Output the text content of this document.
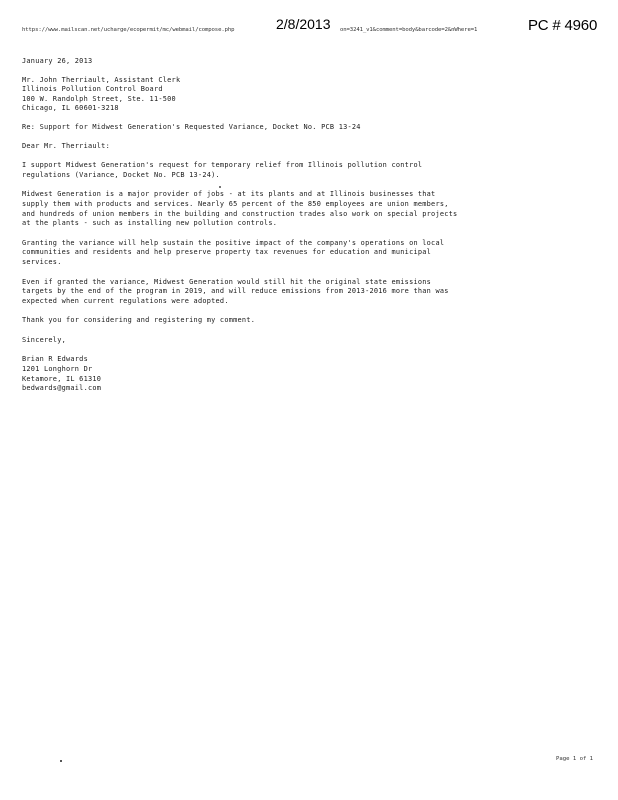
https://www.mailscan.net/ucharge/ecopermit/mc/webmail/compose.php	2/8/2013 on=3241_v1&comment=body&barcode=2&nWhere=1	PC # 4960

January 26, 2013

Mr. John Therriault, Assistant Clerk

Illinois Pollution Control Board

100 W. Randolph Street, Ste. 11-500

Chicago, IL 60601-3218

Re: Support for Midwest Generation's Requested Variance, Docket No. PCB 13-24

Dear Mr. Therriault:

I support Midwest Generation's request for temporary relief from Illinois pollution control

regulations (Variance, Docket No. PCB 13-24).

Midwest Generation is a major provider of jobs - at its plants and at Illinois businesses that

supply them with products and services. Nearly 65 percent of the 850 employees are union members,

and hundreds of union members in the building and construction trades also work on special projects

at the plants - such as installing new pollution controls.

Granting the variance will help sustain the positive impact of the company's operations on local

communities and residents and help preserve property tax revenues for education and municipal

services.

Even if granted the variance, Midwest Generation would still hit the original state emissions

targets by the end of the program in 2019, and will reduce emissions from 2013-2016 more than was

expected when current regulations were adopted.

Thank you for considering and registering my comment.

Sincerely,

Brian R Edwards

1201 Longhorn Dr

Ketamore, IL 61310

bedwards@gmail.com

Page 1 of 1
